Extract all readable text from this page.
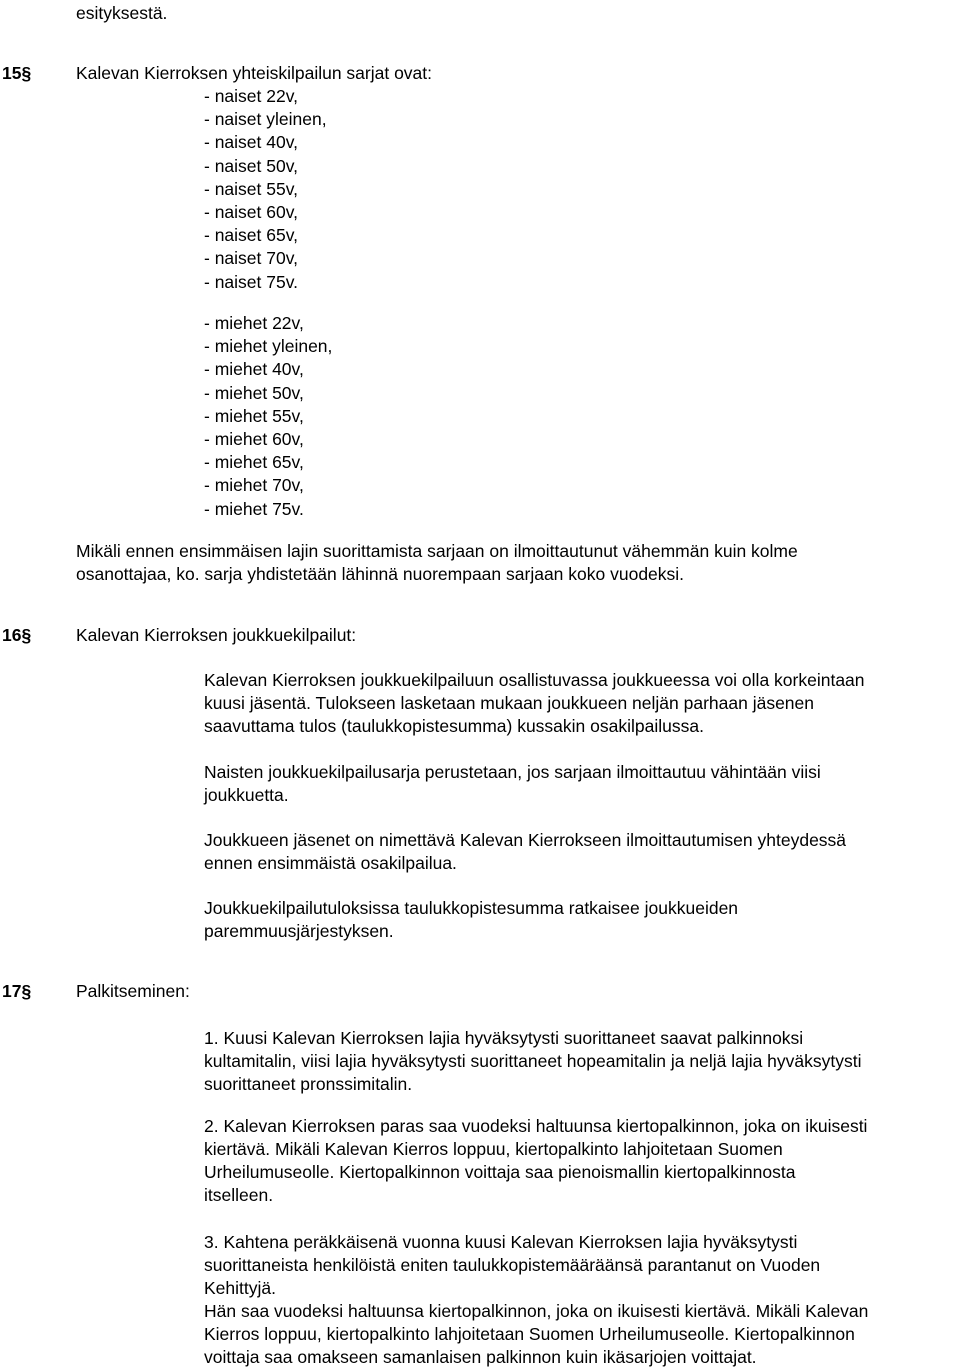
esityksestä.
15§	Kalevan Kierroksen yhteiskilpailun sarjat ovat:
- naiset 22v,
- naiset yleinen,
- naiset 40v,
- naiset 50v,
- naiset 55v,
- naiset 60v,
- naiset 65v,
- naiset 70v,
- naiset 75v.
- miehet 22v,
- miehet yleinen,
- miehet 40v,
- miehet 50v,
- miehet 55v,
- miehet 60v,
- miehet 65v,
- miehet 70v,
- miehet 75v.

Mikäli ennen ensimmäisen lajin suorittamista sarjaan on ilmoittautunut vähemmän kuin kolme

osanottajaa, ko. sarja yhdistetään lähinnä nuorempaan sarjaan koko vuodeksi.

16§	Kalevan Kierroksen joukkuekilpailut:

Kalevan Kierroksen joukkuekilpailuun osallistuvassa joukkueessa voi olla korkeintaan

kuusi jäsentä. Tulokseen lasketaan mukaan joukkueen neljän parhaan jäsenen

saavuttama tulos (taulukkopistesumma) kussakin osakilpailussa.

Naisten joukkuekilpailusarja perustetaan, jos sarjaan ilmoittautuu vähintään viisi

joukkuetta.

Joukkueen jäsenet on nimettävä Kalevan Kierrokseen ilmoittautumisen yhteydessä

ennen ensimmäistä osakilpailua.

Joukkuekilpailutuloksissa taulukkopistesumma ratkaisee joukkueiden

paremmuusjärjestyksen.

17§	Palkitseminen:

1. Kuusi Kalevan Kierroksen lajia hyväksytysti suorittaneet saavat palkinnoksi

kultamitalin, viisi lajia hyväksytysti suorittaneet hopeamitalin ja neljä lajia hyväksytysti

suorittaneet pronssimitalin.

2. Kalevan Kierroksen paras saa vuodeksi haltuunsa kiertopalkinnon, joka on ikuisesti

kiertävä. Mikäli Kalevan Kierros loppuu, kiertopalkinto lahjoitetaan Suomen

Urheilumuseolle. Kiertopalkinnon voittaja saa pienoismallin kiertopalkinnosta

itselleen.

3. Kahtena peräkkäisenä vuonna kuusi Kalevan Kierroksen lajia hyväksytysti

suorittaneista henkilöistä eniten taulukkopistemääräänsä parantanut on Vuoden

Kehittyjä.

Hän saa vuodeksi haltuunsa kiertopalkinnon, joka on ikuisesti kiertävä. Mikäli Kalevan

Kierros loppuu, kiertopalkinto lahjoitetaan Suomen Urheilumuseolle. Kiertopalkinnon

voittaja saa omakseen samanlaisen palkinnon kuin ikäsarjojen voittajat.
